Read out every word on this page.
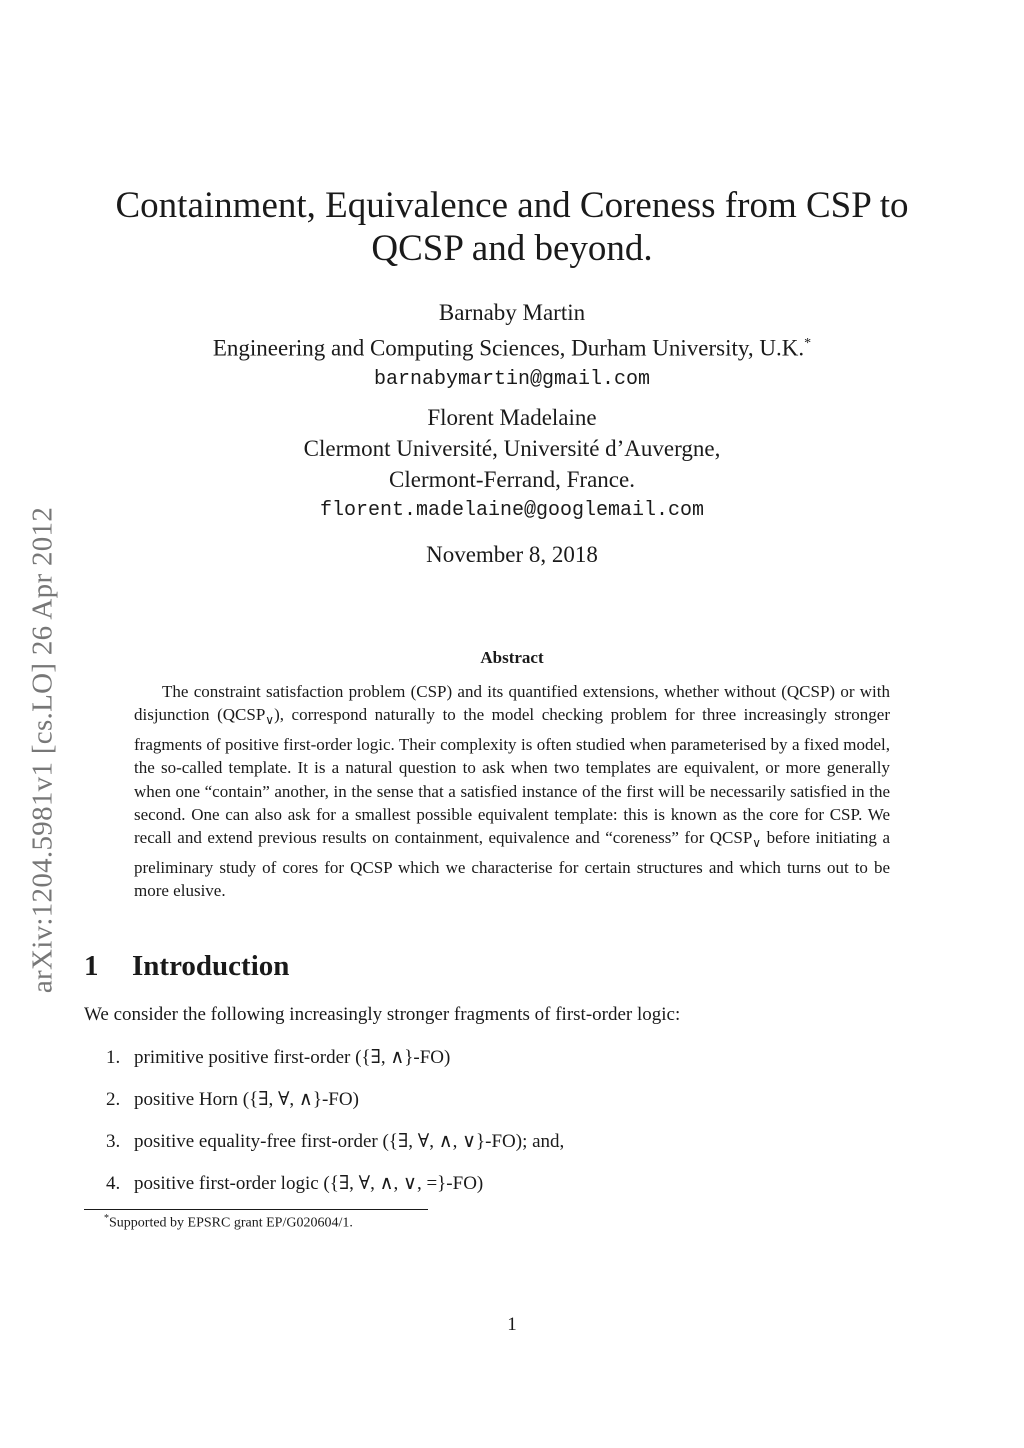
arXiv:1204.5981v1 [cs.LO] 26 Apr 2012
Containment, Equivalence and Coreness from CSP to
QCSP and beyond.
Barnaby Martin
Engineering and Computing Sciences, Durham University, U.K.*
barnabymartin@gmail.com
Florent Madelaine
Clermont Université, Université d’Auvergne,
Clermont-Ferrand, France.
florent.madelaine@googlemail.com
November 8, 2018
Abstract

The constraint satisfaction problem (CSP) and its quantified extensions, whether without (QCSP) or with disjunction $(QCSP_\vee)$, correspond naturally to the model checking problem for three increasingly stronger fragments of positive first-order logic. Their complexity is often studied when parameterised by a fixed model, the so-called template. It is a natural question to ask when two templates are equivalent, or more generally when one “contain” another, in the sense that a satisfied instance of the first will be necessarily satisfied in the second. One can also ask for a smallest possible equivalent template: this is known as the core for CSP. We recall and extend previous results on containment, equivalence and “coreness” for $QCSP_\vee$ before initiating a preliminary study of cores for QCSP which we characterise for certain structures and which turns out to be more elusive.

1 Introduction
We consider the following increasingly stronger fragments of first-order logic:
1. primitive positive first-order ({∃, ∧}-FO)
2. positive Horn ({∃, ∀, ∧}-FO)
3. positive equality-free first-order ({∃, ∀, ∧, ∨}-FO); and,
4. positive first-order logic ({∃, ∀, ∧, ∨, =}-FO)
*Supported by EPSRC grant EP/G020604/1.
1
